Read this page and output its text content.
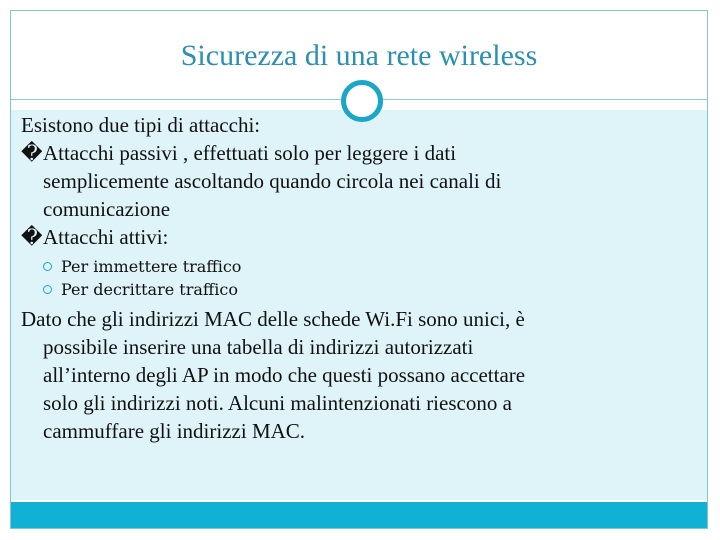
Sicurezza di una rete wireless

Esistono due tipi di attacchi:

�Attacchi passivi , effettuati solo per leggere i dati

semplicemente ascoltando quando circola nei canali di

comunicazione

�Attacchi attivi:

Per immettere traffico
Per decrittare traffico

Dato che gli indirizzi MAC delle schede Wi.Fi sono unici, è

possibile inserire una tabella di indirizzi autorizzati

all’interno degli AP in modo che questi possano accettare

solo gli indirizzi noti. Alcuni malintenzionati riescono a

cammuffare gli indirizzi MAC.
